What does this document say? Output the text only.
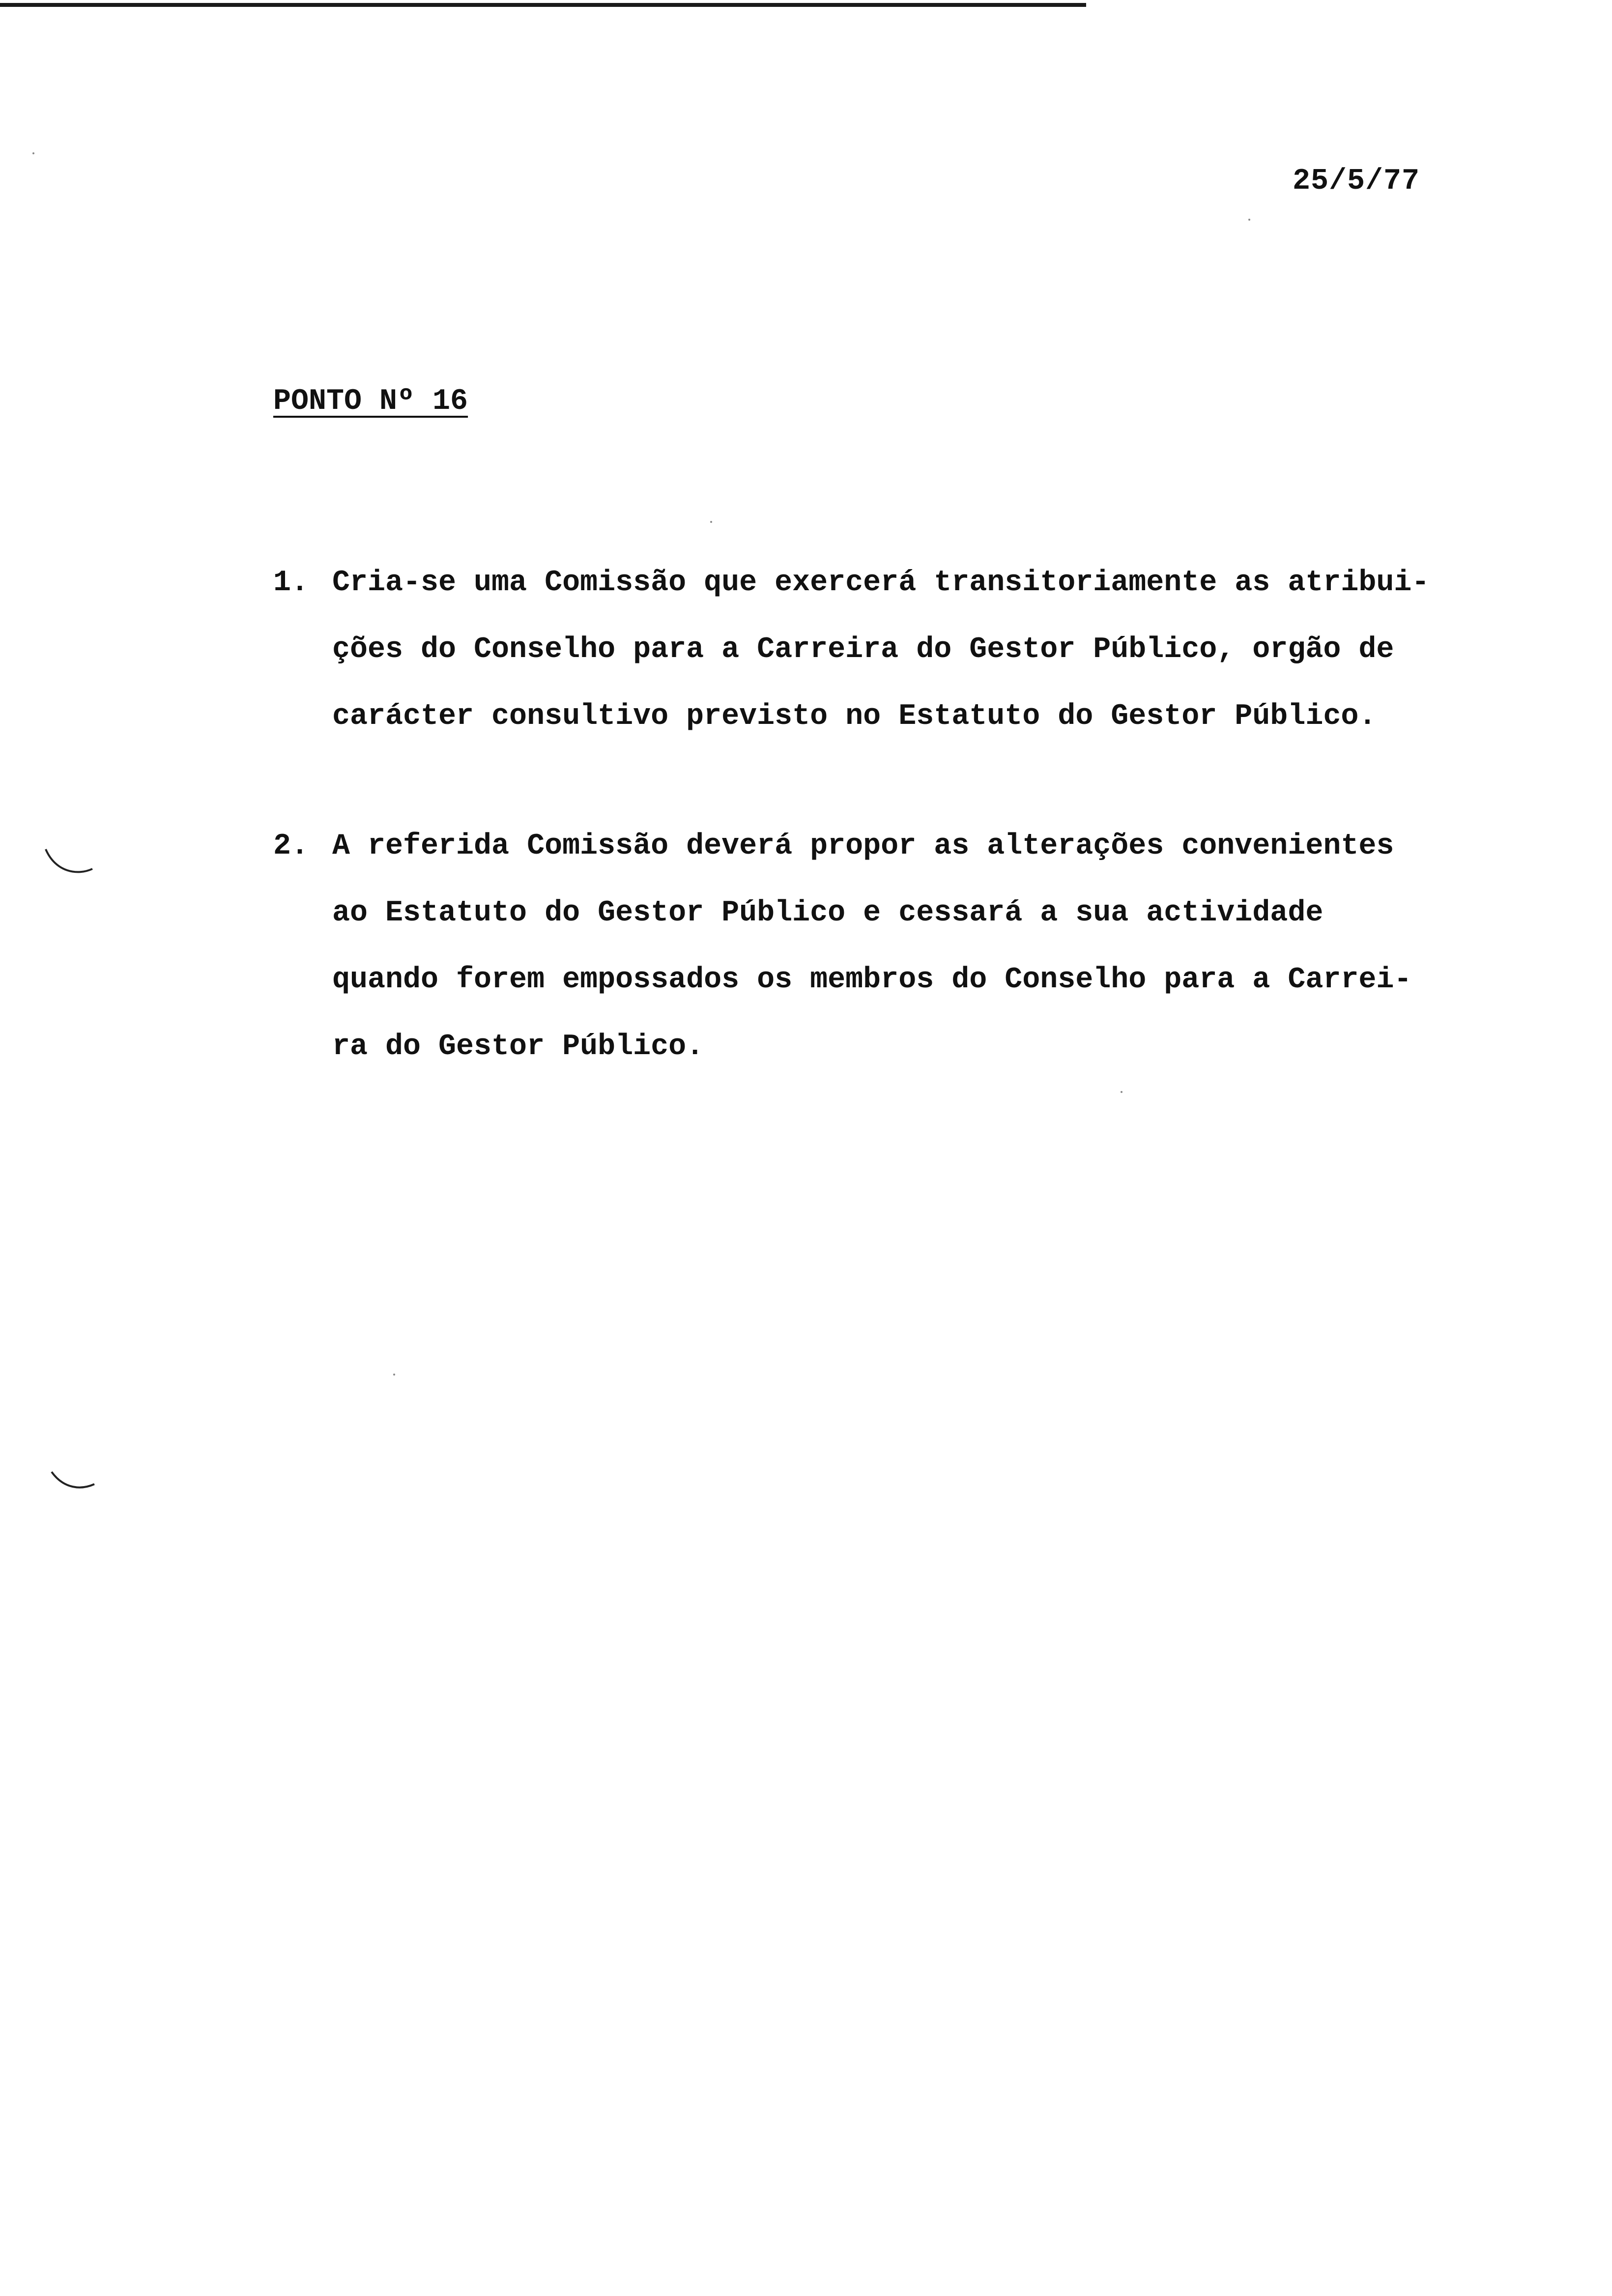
25/5/77
PONTO Nº 16
1. Cria-se uma Comissão que exercerá transitoriamente as atribui-
ções do Conselho para a Carreira do Gestor Público, orgão de
carácter consultivo previsto no Estatuto do Gestor Público.
2. A referida Comissão deverá propor as alterações convenientes
ao Estatuto do Gestor Público e cessará a sua actividade
quando forem empossados os membros do Conselho para a Carrei-
ra do Gestor Público.
